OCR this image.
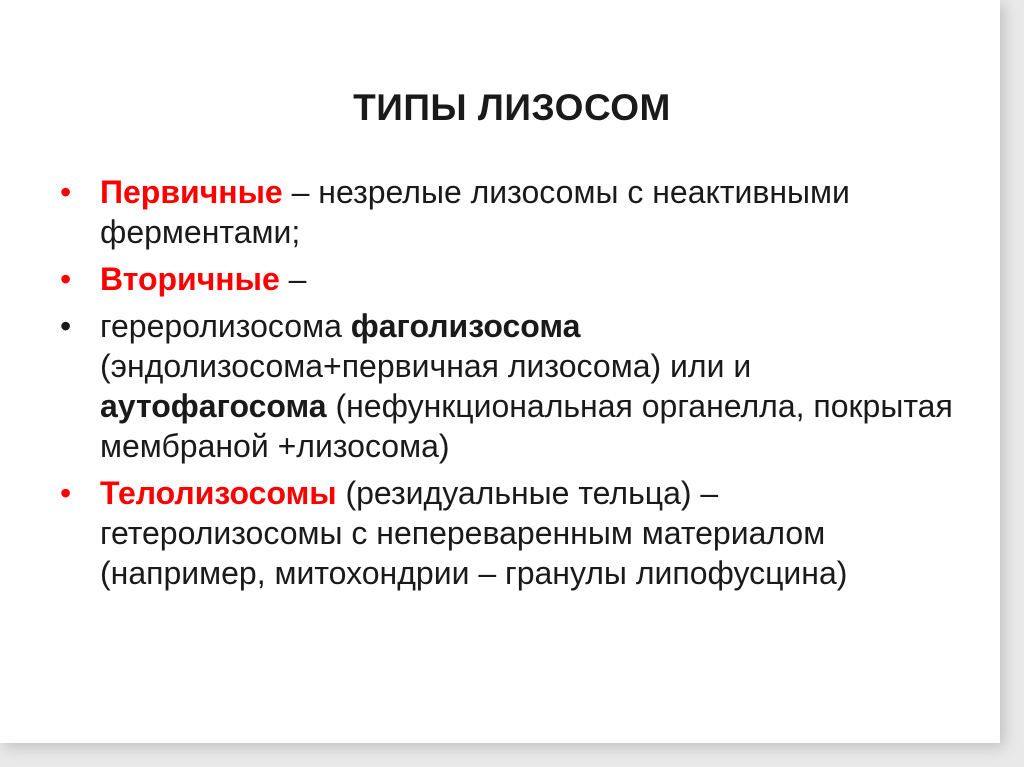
ТИПЫ ЛИЗОСОМ
• Первичные – незрелые лизосомы с неактивными ферментами;
• Вторичные –
• гереролизосома фаголизосома (эндолизосома+первичная лизосома) или и аутофагосома (нефункциональная органелла, покрытая мембраной +лизосома)
• Телолизосомы (резидуальные тельца) – гетеролизосомы с непереваренным материалом (например, митохондрии – гранулы липофусцина)
